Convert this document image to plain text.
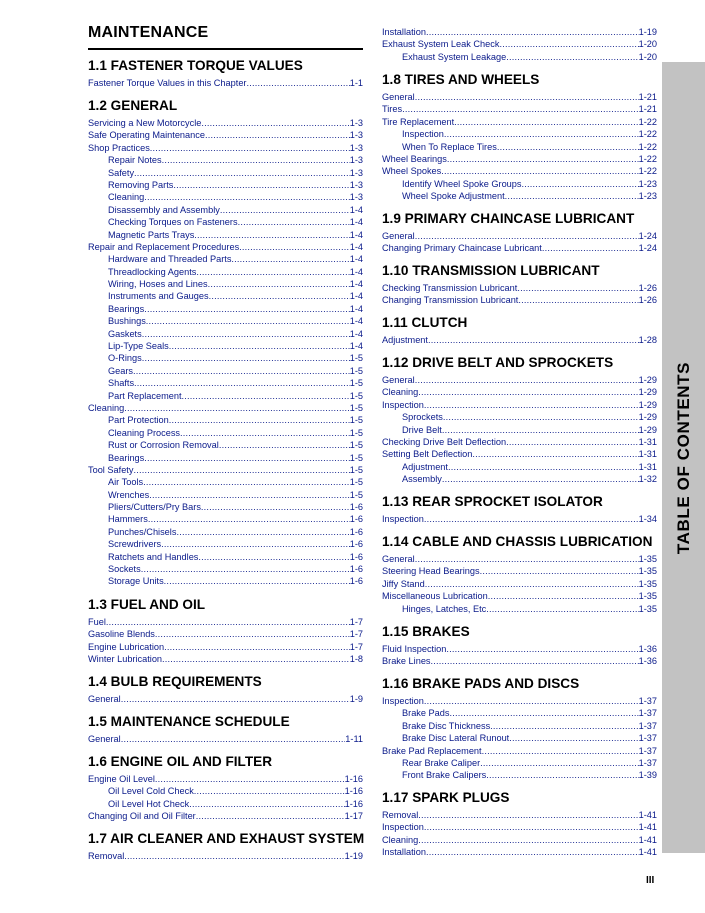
MAINTENANCE
1.1 FASTENER TORQUE VALUES
Fastener Torque Values in this Chapter .....	1-1
1.2 GENERAL
Servicing a New Motorcycle .....	1-3
Safe Operating Maintenance .....	1-3
Shop Practices .....	1-3
Repair Notes .....	1-3
Safety .....	1-3
Removing Parts .....	1-3
Cleaning .....	1-3
Disassembly and Assembly .....	1-4
Checking Torques on Fasteners .....	1-4
Magnetic Parts Trays .....	1-4
Repair and Replacement Procedures .....	1-4
Hardware and Threaded Parts .....	1-4
Threadlocking Agents .....	1-4
Wiring, Hoses and Lines .....	1-4
Instruments and Gauges .....	1-4
Bearings .....	1-4
Bushings .....	1-4
Gaskets .....	1-4
Lip-Type Seals .....	1-4
O-Rings .....	1-5
Gears .....	1-5
Shafts .....	1-5
Part Replacement .....	1-5
Cleaning .....	1-5
Part Protection .....	1-5
Cleaning Process .....	1-5
Rust or Corrosion Removal .....	1-5
Bearings .....	1-5
Tool Safety .....	1-5
Air Tools .....	1-5
Wrenches .....	1-5
Pliers/Cutters/Pry Bars .....	1-6
Hammers .....	1-6
Punches/Chisels .....	1-6
Screwdrivers .....	1-6
Ratchets and Handles .....	1-6
Sockets .....	1-6
Storage Units .....	1-6
1.3 FUEL AND OIL
Fuel .....	1-7
Gasoline Blends .....	1-7
Engine Lubrication .....	1-7
Winter Lubrication .....	1-8
1.4 BULB REQUIREMENTS
General .....	1-9
1.5 MAINTENANCE SCHEDULE
General .....	1-11
1.6 ENGINE OIL AND FILTER
Engine Oil Level .....	1-16
Oil Level Cold Check .....	1-16
Oil Level Hot Check .....	1-16
Changing Oil and Oil Filter .....	1-17
1.7 AIR CLEANER AND EXHAUST SYSTEM
Removal .....	1-19
Installation .....	1-19
Exhaust System Leak Check .....	1-20
Exhaust System Leakage .....	1-20
1.8 TIRES AND WHEELS
General .....	1-21
Tires .....	1-21
Tire Replacement .....	1-22
Inspection .....	1-22
When To Replace Tires .....	1-22
Wheel Bearings .....	1-22
Wheel Spokes .....	1-22
Identify Wheel Spoke Groups .....	1-23
Wheel Spoke Adjustment .....	1-23
1.9 PRIMARY CHAINCASE LUBRICANT
General .....	1-24
Changing Primary Chaincase Lubricant .....	1-24
1.10 TRANSMISSION LUBRICANT
Checking Transmission Lubricant .....	1-26
Changing Transmission Lubricant .....	1-26
1.11 CLUTCH
Adjustment .....	1-28
1.12 DRIVE BELT AND SPROCKETS
General .....	1-29
Cleaning .....	1-29
Inspection .....	1-29
Sprockets .....	1-29
Drive Belt .....	1-29
Checking Drive Belt Deflection .....	1-31
Setting Belt Deflection .....	1-31
Adjustment .....	1-31
Assembly .....	1-32
1.13 REAR SPROCKET ISOLATOR
Inspection .....	1-34
1.14 CABLE AND CHASSIS LUBRICATION
General .....	1-35
Steering Head Bearings .....	1-35
Jiffy Stand .....	1-35
Miscellaneous Lubrication .....	1-35
Hinges, Latches, Etc .....	1-35
1.15 BRAKES
Fluid Inspection .....	1-36
Brake Lines .....	1-36
1.16 BRAKE PADS AND DISCS
Inspection .....	1-37
Brake Pads .....	1-37
Brake Disc Thickness .....	1-37
Brake Disc Lateral Runout .....	1-37
Brake Pad Replacement .....	1-37
Rear Brake Caliper .....	1-37
Front Brake Calipers .....	1-39
1.17 SPARK PLUGS
Removal .....	1-41
Inspection .....	1-41
Cleaning .....	1-41
Installation .....	1-41
TABLE OF CONTENTS
III
